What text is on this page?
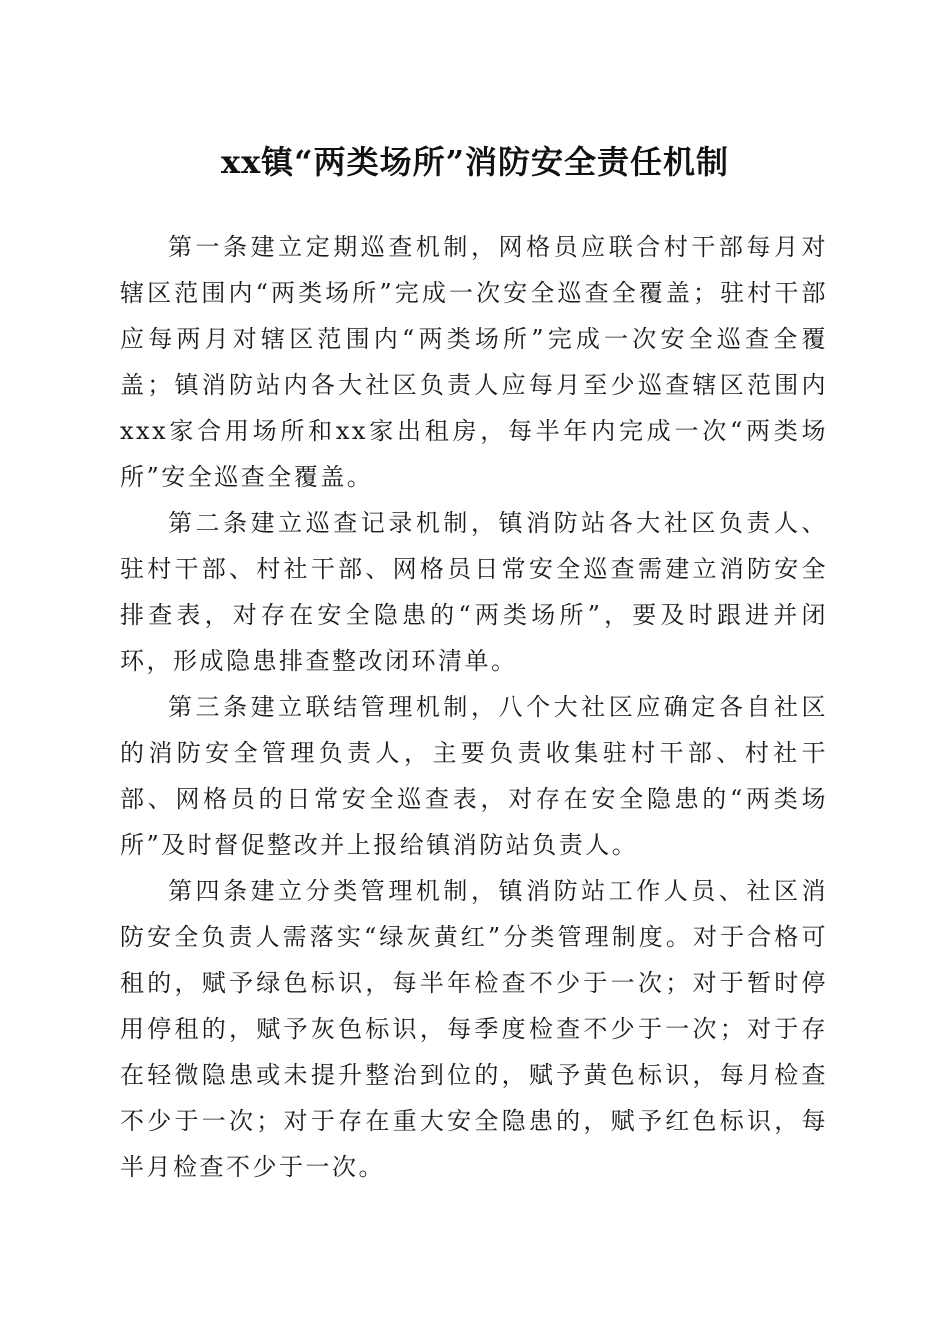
xx镇“两类场所”消防安全责任机制

第一条建立定期巡查机制，网格员应联合村干部每月对辖区范围内“两类场所”完成一次安全巡查全覆盖；驻村干部应每两月对辖区范围内“两类场所”完成一次安全巡查全覆盖；镇消防站内各大社区负责人应每月至少巡查辖区范围内xxx家合用场所和xx家出租房，每半年内完成一次“两类场所”安全巡查全覆盖。

第二条建立巡查记录机制，镇消防站各大社区负责人、驻村干部、村社干部、网格员日常安全巡查需建立消防安全排查表，对存在安全隐患的“两类场所”，要及时跟进并闭环，形成隐患排查整改闭环清单。

第三条建立联结管理机制，八个大社区应确定各自社区的消防安全管理负责人，主要负责收集驻村干部、村社干部、网格员的日常安全巡查表，对存在安全隐患的“两类场所”及时督促整改并上报给镇消防站负责人。

第四条建立分类管理机制，镇消防站工作人员、社区消防安全负责人需落实“绿灰黄红”分类管理制度。对于合格可租的，赋予绿色标识，每半年检查不少于一次；对于暂时停用停租的，赋予灰色标识，每季度检查不少于一次；对于存在轻微隐患或未提升整治到位的，赋予黄色标识，每月检查不少于一次；对于存在重大安全隐患的，赋予红色标识，每半月检查不少于一次。
